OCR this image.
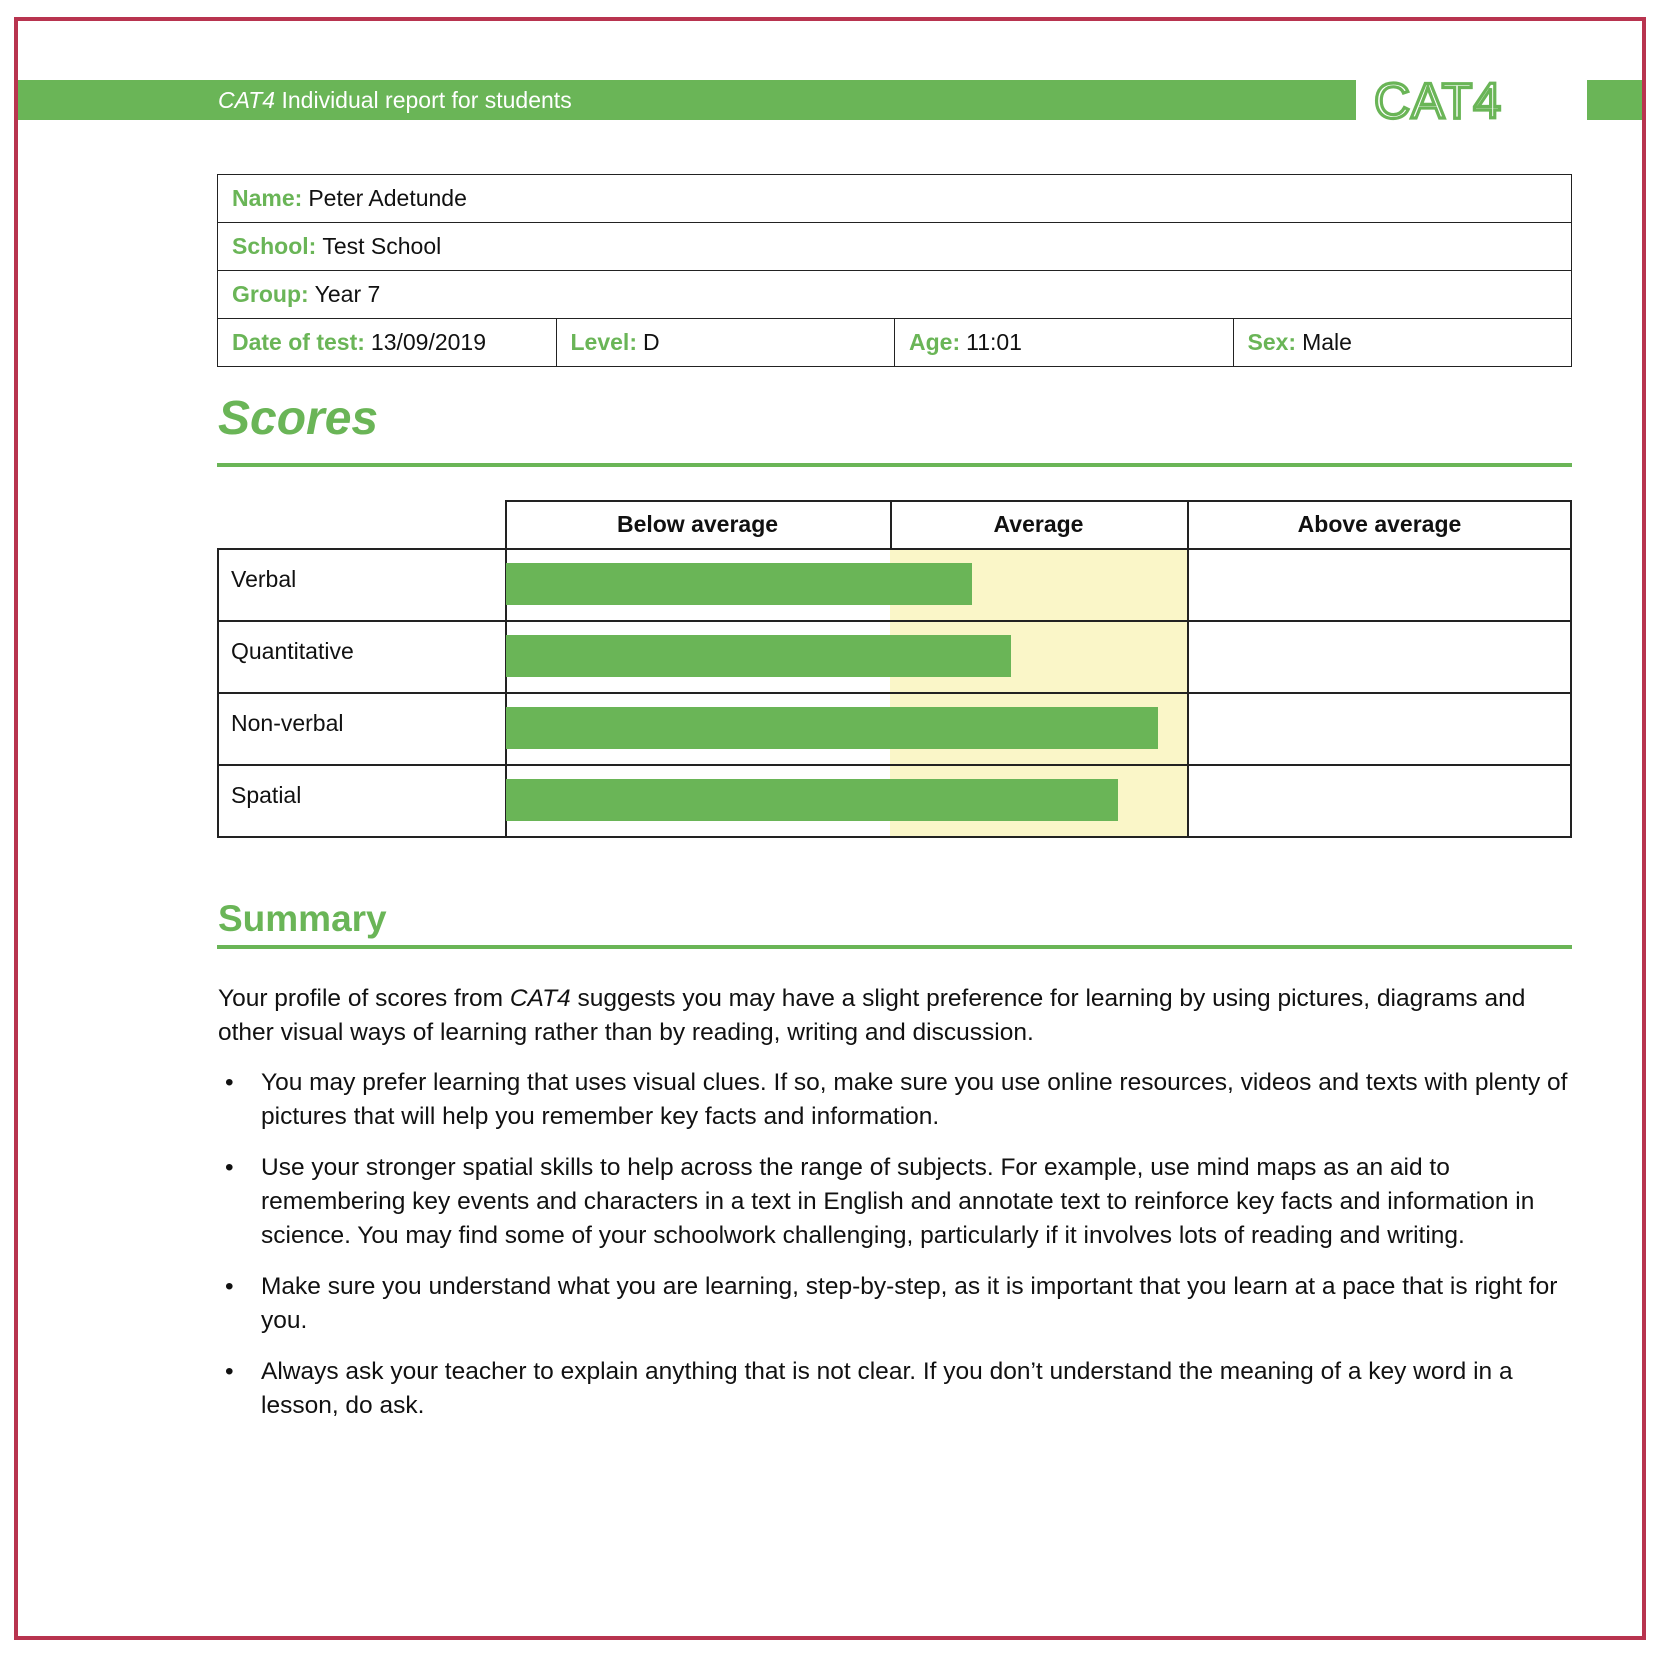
CAT4 Individual report for students	CAT4
Name: Peter Adetunde
School: Test School
Group: Year 7
Date of test: 13/09/2019	Level: D	Age: 11:01	Sex: Male
Scores
Below average	Average	Above average
Verbal
Quantitative
Non-verbal
Spatial
Summary

Your profile of scores from CAT4 suggests you may have a slight preference for learning by using pictures, diagrams and other visual ways of learning rather than by reading, writing and discussion.

• You may prefer learning that uses visual clues. If so, make sure you use online resources, videos and texts with plenty of pictures that will help you remember key facts and information.
• Use your stronger spatial skills to help across the range of subjects. For example, use mind maps as an aid to remembering key events and characters in a text in English and annotate text to reinforce key facts and information in science. You may find some of your schoolwork challenging, particularly if it involves lots of reading and writing.
• Make sure you understand what you are learning, step-by-step, as it is important that you learn at a pace that is right for you.
• Always ask your teacher to explain anything that is not clear. If you don’t understand the meaning of a key word in a lesson, do ask.
